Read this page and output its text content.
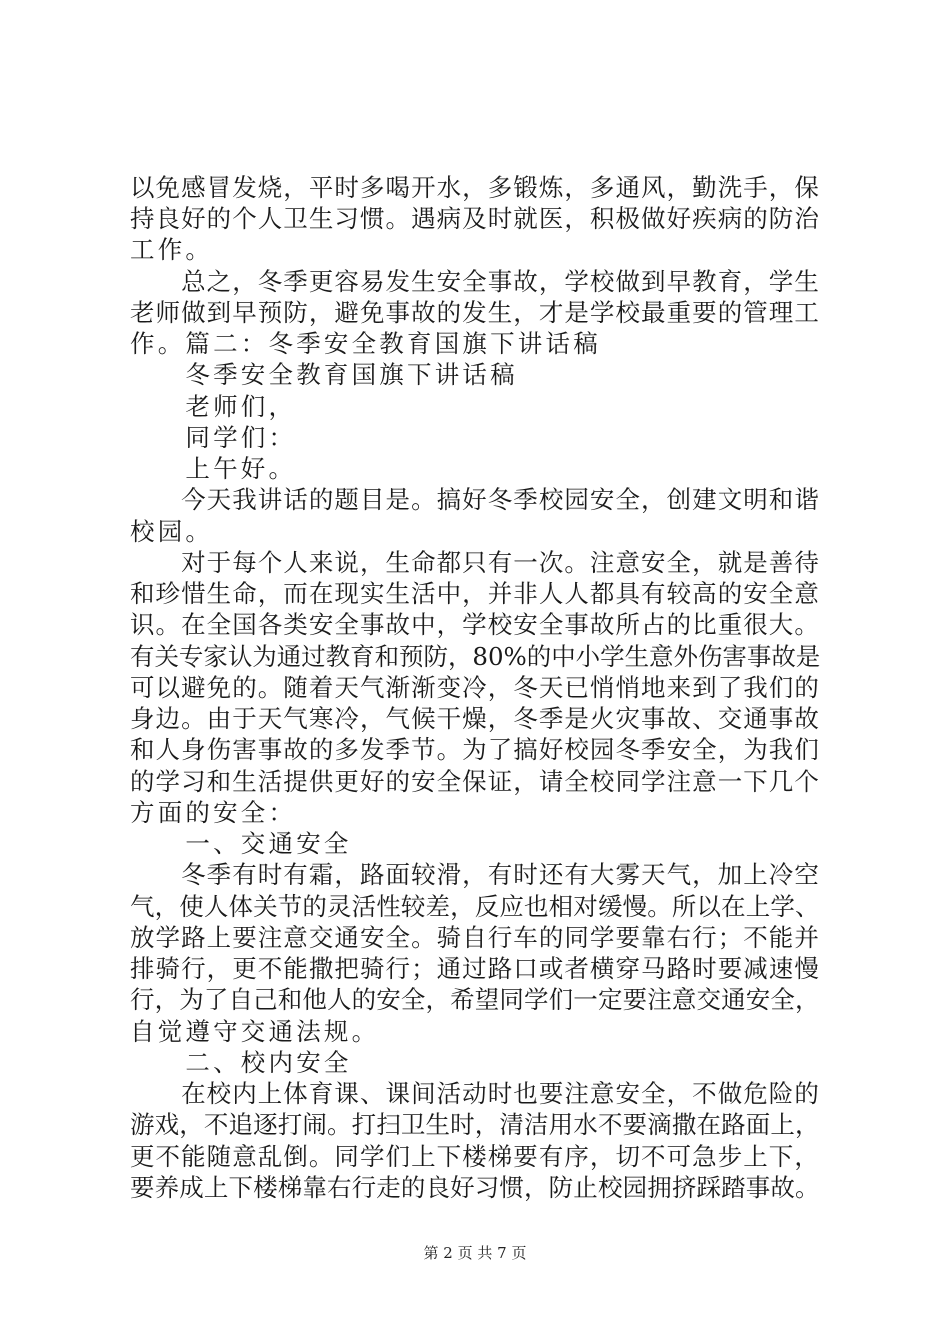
以免感冒发烧，平时多喝开水，多锻炼，多通风，勤洗手，保
持良好的个人卫生习惯。遇病及时就医，积极做好疾病的防治
工作。
　　总之，冬季更容易发生安全事故，学校做到早教育，学生
老师做到早预防，避免事故的发生，才是学校最重要的管理工
作。篇二：冬季安全教育国旗下讲话稿
　　冬季安全教育国旗下讲话稿
　　老师们，
　　同学们：
　　上午好。
　　今天我讲话的题目是。搞好冬季校园安全，创建文明和谐
校园。
　　对于每个人来说，生命都只有一次。注意安全，就是善待
和珍惜生命，而在现实生活中，并非人人都具有较高的安全意
识。在全国各类安全事故中，学校安全事故所占的比重很大。
有关专家认为通过教育和预防，80%的中小学生意外伤害事故是
可以避免的。随着天气渐渐变冷，冬天已悄悄地来到了我们的
身边。由于天气寒冷，气候干燥，冬季是火灾事故、交通事故
和人身伤害事故的多发季节。为了搞好校园冬季安全，为我们
的学习和生活提供更好的安全保证，请全校同学注意一下几个
方面的安全：
　　一、交通安全
　　冬季有时有霜，路面较滑，有时还有大雾天气，加上冷空
气，使人体关节的灵活性较差，反应也相对缓慢。所以在上学、
放学路上要注意交通安全。骑自行车的同学要靠右行；不能并
排骑行，更不能撒把骑行；通过路口或者横穿马路时要减速慢
行，为了自己和他人的安全，希望同学们一定要注意交通安全，
自觉遵守交通法规。
　　二、校内安全
　　在校内上体育课、课间活动时也要注意安全，不做危险的
游戏，不追逐打闹。打扫卫生时，清洁用水不要滴撒在路面上，
更不能随意乱倒。同学们上下楼梯要有序，切不可急步上下，
要养成上下楼梯靠右行走的良好习惯，防止校园拥挤踩踏事故。
第 2 页 共 7 页
